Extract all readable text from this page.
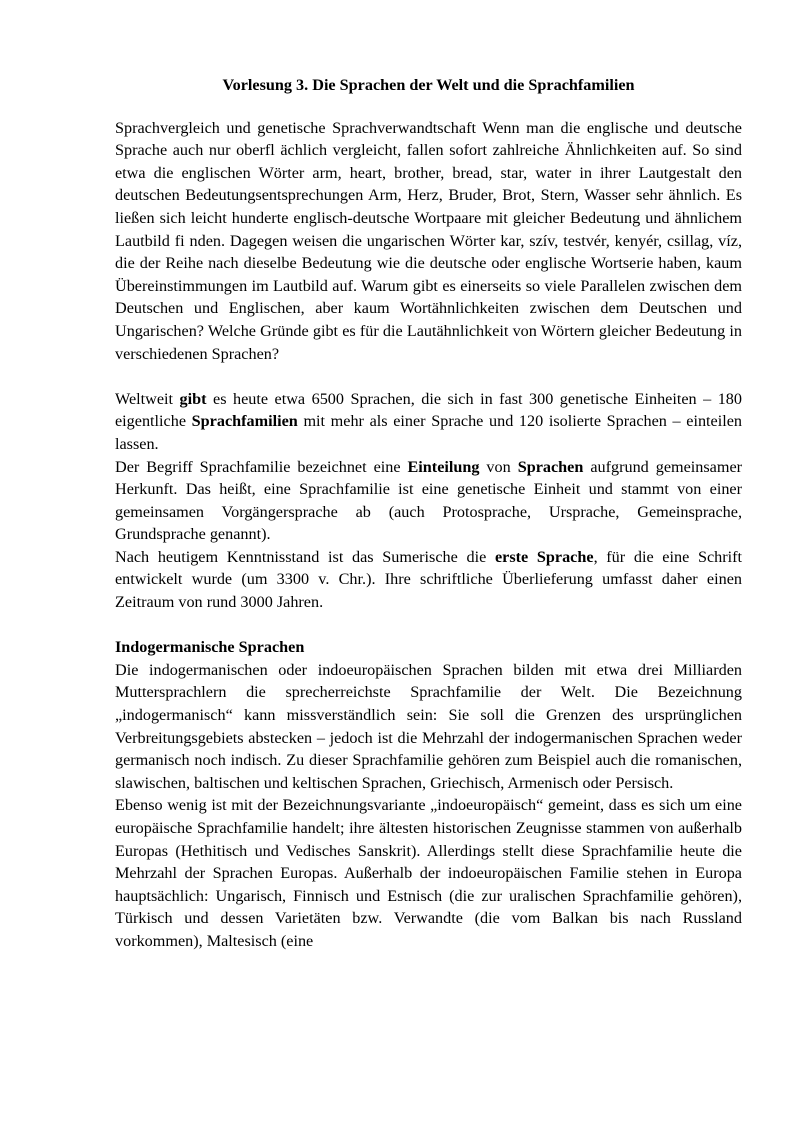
Vorlesung 3. Die Sprachen der Welt und die Sprachfamilien

Sprachvergleich und genetische Sprachverwandtschaft Wenn man die englische und deutsche Sprache auch nur oberfl ächlich vergleicht, fallen sofort zahlreiche Ähnlichkeiten auf. So sind etwa die englischen Wörter arm, heart, brother, bread, star, water in ihrer Lautgestalt den deutschen Bedeutungsentsprechungen Arm, Herz, Bruder, Brot, Stern, Wasser sehr ähnlich. Es ließen sich leicht hunderte englisch-deutsche Wortpaare mit gleicher Bedeutung und ähnlichem Lautbild fi nden. Dagegen weisen die ungarischen Wörter kar, szív, testvér, kenyér, csillag, víz, die der Reihe nach dieselbe Bedeutung wie die deutsche oder englische Wortserie haben, kaum Übereinstimmungen im Lautbild auf. Warum gibt es einerseits so viele Parallelen zwischen dem Deutschen und Englischen, aber kaum Wortähnlichkeiten zwischen dem Deutschen und Ungarischen? Welche Gründe gibt es für die Lautähnlichkeit von Wörtern gleicher Bedeutung in verschiedenen Sprachen?

Weltweit gibt es heute etwa 6500 Sprachen, die sich in fast 300 genetische Einheiten – 180 eigentliche Sprachfamilien mit mehr als einer Sprache und 120 isolierte Sprachen – einteilen lassen.

Der Begriff Sprachfamilie bezeichnet eine Einteilung von Sprachen aufgrund gemeinsamer Herkunft. Das heißt, eine Sprachfamilie ist eine genetische Einheit und stammt von einer gemeinsamen Vorgängersprache ab (auch Protosprache, Ursprache, Gemeinsprache, Grundsprache genannt).

Nach heutigem Kenntnisstand ist das Sumerische die erste Sprache, für die eine Schrift entwickelt wurde (um 3300 v. Chr.). Ihre schriftliche Überlieferung umfasst daher einen Zeitraum von rund 3000 Jahren.

Indogermanische Sprachen

Die indogermanischen oder indoeuropäischen Sprachen bilden mit etwa drei Milliarden Muttersprachlern die sprecherreichste Sprachfamilie der Welt. Die Bezeichnung „indogermanisch“ kann missverständlich sein: Sie soll die Grenzen des ursprünglichen Verbreitungsgebiets abstecken – jedoch ist die Mehrzahl der indogermanischen Sprachen weder germanisch noch indisch. Zu dieser Sprachfamilie gehören zum Beispiel auch die romanischen, slawischen, baltischen und keltischen Sprachen, Griechisch, Armenisch oder Persisch.

Ebenso wenig ist mit der Bezeichnungsvariante „indoeuropäisch“ gemeint, dass es sich um eine europäische Sprachfamilie handelt; ihre ältesten historischen Zeugnisse stammen von außerhalb Europas (Hethitisch und Vedisches Sanskrit). Allerdings stellt diese Sprachfamilie heute die Mehrzahl der Sprachen Europas. Außerhalb der indoeuropäischen Familie stehen in Europa hauptsächlich: Ungarisch, Finnisch und Estnisch (die zur uralischen Sprachfamilie gehören), Türkisch und dessen Varietäten bzw. Verwandte (die vom Balkan bis nach Russland vorkommen), Maltesisch (eine
